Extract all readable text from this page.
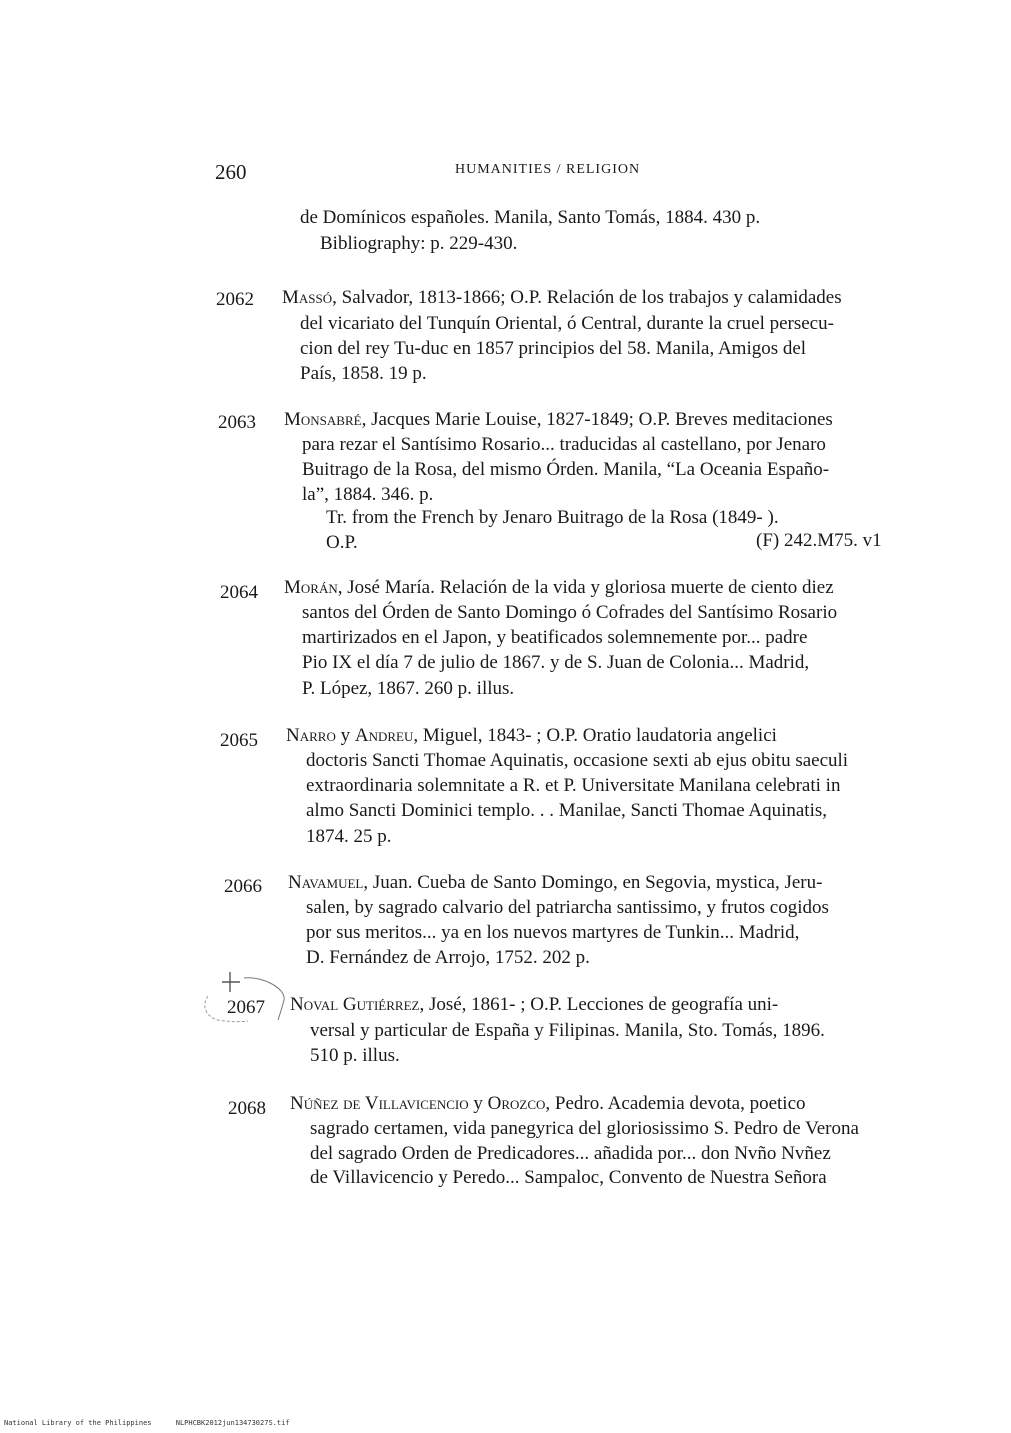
260	HUMANITIES / RELIGION
de Domínicos españoles. Manila, Santo Tomás, 1884. 430 p.
Bibliography: p. 229-430.
2062 Massó, Salvador, 1813-1866; O.P. Relación de los trabajos y calamidades
del vicariato del Tunquín Oriental, ó Central, durante la cruel persecu-
cion del rey Tu-duc en 1857 principios del 58. Manila, Amigos del
País, 1858. 19 p.
2063 Monsabré, Jacques Marie Louise, 1827-1849; O.P. Breves meditaciones
para rezar el Santísimo Rosario... traducidas al castellano, por Jenaro
Buitrago de la Rosa, del mismo Órden. Manila, “La Oceania Españo-
la”, 1884. 346. p.
Tr. from the French by Jenaro Buitrago de la Rosa (1849- ).
O.P.	(F) 242.M75. v1
2064 Morán, José María. Relación de la vida y gloriosa muerte de ciento diez
santos del Órden de Santo Domingo ó Cofrades del Santísimo Rosario
martirizados en el Japon, y beatificados solemnemente por... padre
Pio IX el día 7 de julio de 1867. y de S. Juan de Colonia... Madrid,
P. López, 1867. 260 p. illus.
2065 Narro y Andreu, Miguel, 1843- ; O.P. Oratio laudatoria angelici
doctoris Sancti Thomae Aquinatis, occasione sexti ab ejus obitu saeculi
extraordinaria solemnitate a R. et P. Universitate Manilana celebrati in
almo Sancti Dominici templo. . . Manilae, Sancti Thomae Aquinatis,
1874. 25 p.
2066 Navamuel, Juan. Cueba de Santo Domingo, en Segovia, mystica, Jeru-
salen, by sagrado calvario del patriarcha santissimo, y frutos cogidos
por sus meritos... ya en los nuevos martyres de Tunkin... Madrid,
D. Fernández de Arrojo, 1752. 202 p.
2067 Noval Gutiérrez, José, 1861- ; O.P. Lecciones de geografía uni-
versal y particular de España y Filipinas. Manila, Sto. Tomás, 1896.
510 p. illus.
2068 Núñez de Villavicencio y Orozco, Pedro. Academia devota, poetico
sagrado certamen, vida panegyrica del gloriosissimo S. Pedro de Verona
del sagrado Orden de Predicadores... añadida por... don Nvño Nvñez
de Villavicencio y Peredo... Sampaloc, Convento de Nuestra Señora
National Library of the Philippines	NLPHCBK2012jun13473027S.tif
